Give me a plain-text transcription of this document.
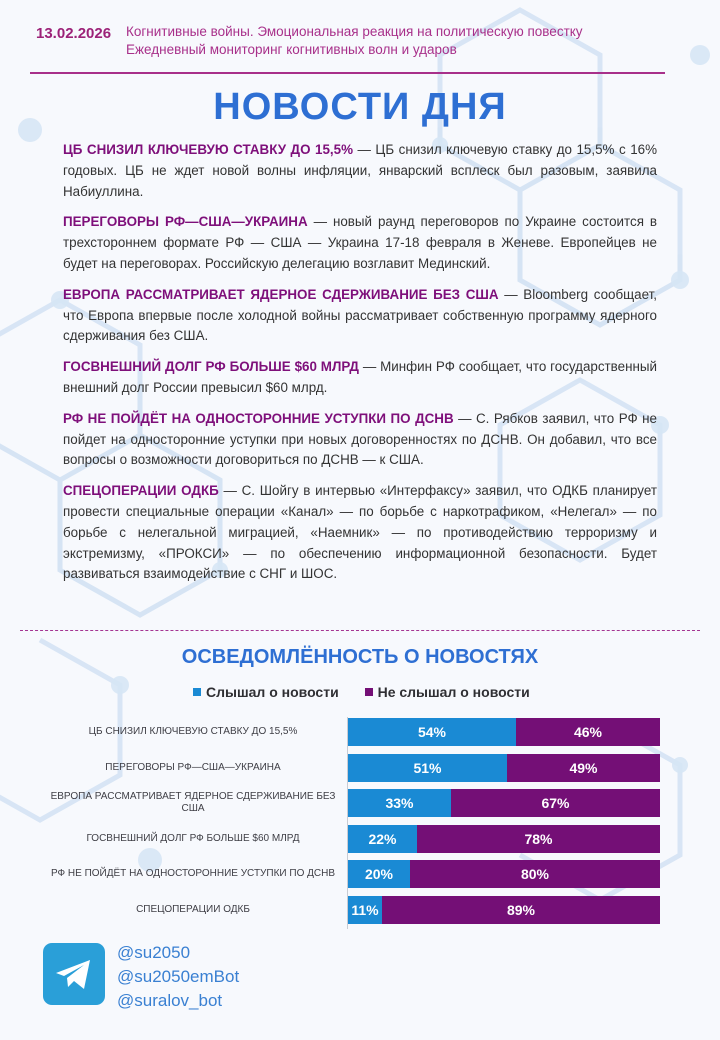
13.02.2026 Когнитивные войны. Эмоциональная реакция на политическую повестку
Ежедневный мониторинг когнитивных волн и ударов
НОВОСТИ ДНЯ

ЦБ СНИЗИЛ КЛЮЧЕВУЮ СТАВКУ ДО 15,5% — ЦБ снизил ключевую ставку до 15,5% с 16% годовых. ЦБ не ждет новой волны инфляции, январский всплеск был разовым, заявила Набиуллина.

ПЕРЕГОВОРЫ РФ—США—УКРАИНА — новый раунд переговоров по Украине состоится в трехстороннем формате РФ — США — Украина 17-18 февраля в Женеве. Европейцев не будет на переговорах. Российскую делегацию возглавит Мединский.

ЕВРОПА РАССМАТРИВАЕТ ЯДЕРНОЕ СДЕРЖИВАНИЕ БЕЗ США — Bloomberg сообщает, что Европа впервые после холодной войны рассматривает собственную программу ядерного сдерживания без США.

ГОСВНЕШНИЙ ДОЛГ РФ БОЛЬШЕ $60 МЛРД — Минфин РФ сообщает, что государственный внешний долг России превысил $60 млрд.

РФ НЕ ПОЙДЁТ НА ОДНОСТОРОННИЕ УСТУПКИ ПО ДСНВ — С. Рябков заявил, что РФ не пойдет на односторонние уступки при новых договоренностях по ДСНВ. Он добавил, что все вопросы о возможности договориться по ДСНВ — к США.

СПЕЦОПЕРАЦИИ ОДКБ — С. Шойгу в интервью «Интерфаксу» заявил, что ОДКБ планирует провести специальные операции «Канал» — по борьбе с наркотрафиком, «Нелегал» — по борьбе с нелегальной миграцией, «Наемник» — по противодействию терроризму и экстремизму, «ПРОКСИ» — по обеспечению информационной безопасности. Будет развиваться взаимодействие с СНГ и ШОС.

ОСВЕДОМЛЁННОСТЬ О НОВОСТЯХ
Слышал о новости	Не слышал о новости
ЦБ СНИЗИЛ КЛЮЧЕВУЮ СТАВКУ ДО 15,5%	54%	46%
ПЕРЕГОВОРЫ РФ—США—УКРАИНА	51%	49%
ЕВРОПА РАССМАТРИВАЕТ ЯДЕРНОЕ СДЕРЖИВАНИЕ БЕЗ США	33%	67%
ГОСВНЕШНИЙ ДОЛГ РФ БОЛЬШЕ $60 МЛРД	22%	78%
РФ НЕ ПОЙДЁТ НА ОДНОСТОРОННИЕ УСТУПКИ ПО ДСНВ	20%	80%
СПЕЦОПЕРАЦИИ ОДКБ	11%	89%
@su2050
@su2050emBot
@suralov_bot
